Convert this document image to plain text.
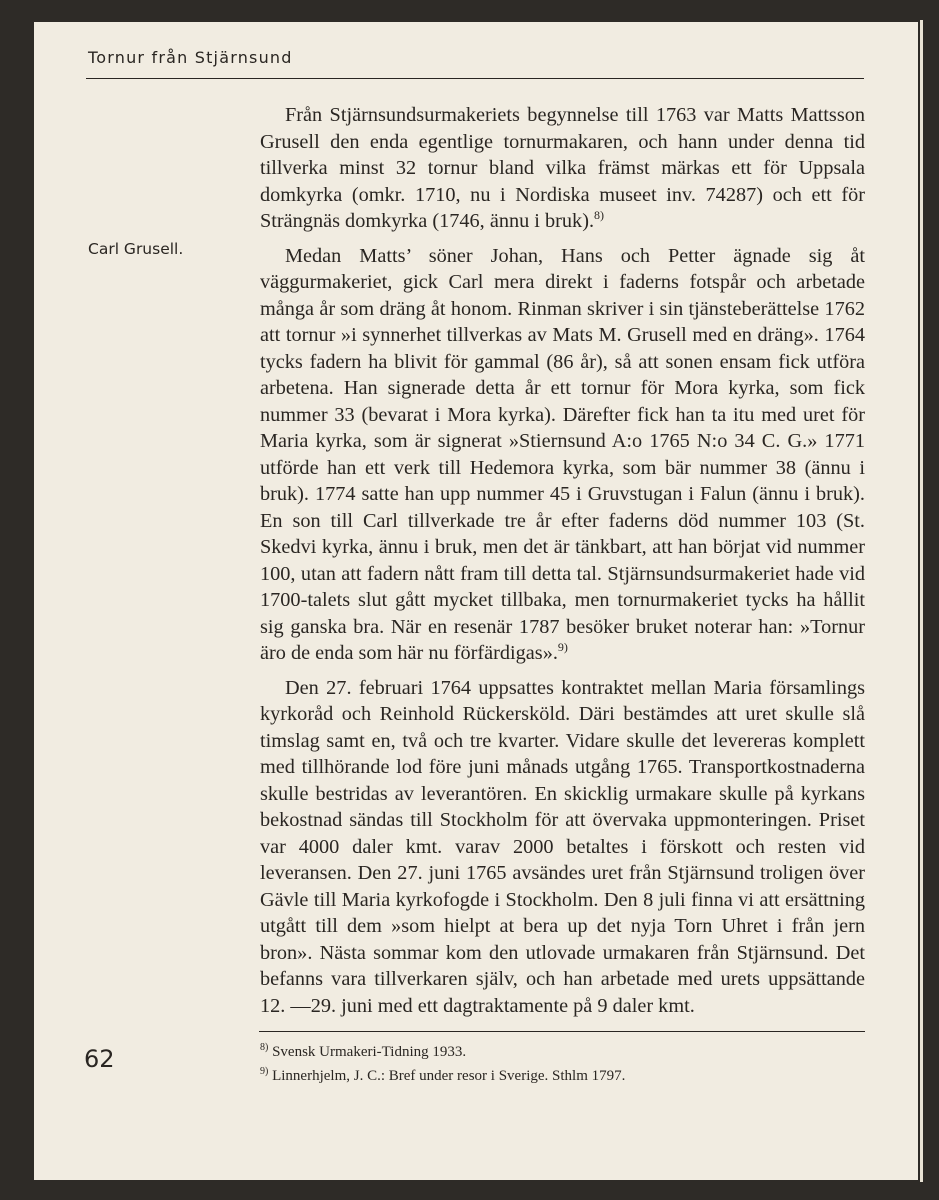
Tornur från Stjärnsund
Carl Grusell.

Från Stjärnsundsurmakeriets begynnelse till 1763 var Matts Mattsson Grusell den enda egentlige tornurmakaren, och hann under denna tid tillverka minst 32 tornur bland vilka främst märkas ett för Uppsala domkyrka (omkr. 1710, nu i Nordiska museet inv. 74287) och ett för Strängnäs domkyrka (1746, ännu i bruk).$^{8)}$

Medan Matts’ söner Johan, Hans och Petter ägnade sig åt väggurmakeriet, gick Carl mera direkt i faderns fotspår och arbetade många år som dräng åt honom. Rinman skriver i sin tjänsteberättelse 1762 att tornur »i synnerhet tillverkas av Mats M. Grusell med en dräng». 1764 tycks fadern ha blivit för gammal (86 år), så att sonen ensam fick utföra arbetena. Han signerade detta år ett tornur för Mora kyrka, som fick nummer 33 (bevarat i Mora kyrka). Därefter fick han ta itu med uret för Maria kyrka, som är signerat »Stiernsund A:o 1765 N:o 34 C. G.» 1771 utförde han ett verk till Hedemora kyrka, som bär nummer 38 (ännu i bruk). 1774 satte han upp nummer 45 i Gruvstugan i Falun (ännu i bruk). En son till Carl tillverkade tre år efter faderns död nummer 103 (St. Skedvi kyrka, ännu i bruk, men det är tänkbart, att han börjat vid nummer 100, utan att fadern nått fram till detta tal. Stjärnsundsurmakeriet hade vid 1700-talets slut gått mycket tillbaka, men tornurmakeriet tycks ha hållit sig ganska bra. När en resenär 1787 besöker bruket noterar han: »Tornur äro de enda som här nu förfärdigas».$^{9)}$

Den 27. februari 1764 uppsattes kontraktet mellan Maria församlings kyrkoråd och Reinhold Rückersköld. Däri bestämdes att uret skulle slå timslag samt en, två och tre kvarter. Vidare skulle det levereras komplett med tillhörande lod före juni månads utgång 1765. Transportkostnaderna skulle bestridas av leverantören. En skicklig urmakare skulle på kyrkans bekostnad sändas till Stockholm för att övervaka uppmonteringen. Priset var 4000 daler kmt. varav 2000 betaltes i förskott och resten vid leveransen. Den 27. juni 1765 avsändes uret från Stjärnsund troligen över Gävle till Maria kyrkofogde i Stockholm. Den 8 juli finna vi att ersättning utgått till dem »som hielpt at bera up det nyja Torn Uhret i från jern bron». Nästa sommar kom den utlovade urmakaren från Stjärnsund. Det befanns vara tillverkaren själv, och han arbetade med urets uppsättande 12. —29. juni med ett dagtraktamente på 9 daler kmt.

$^{8)}$ Svensk Urmakeri-Tidning 1933.
$^{9)}$ Linnerhjelm, J. C.: Bref under resor i Sverige. Sthlm 1797.
62
